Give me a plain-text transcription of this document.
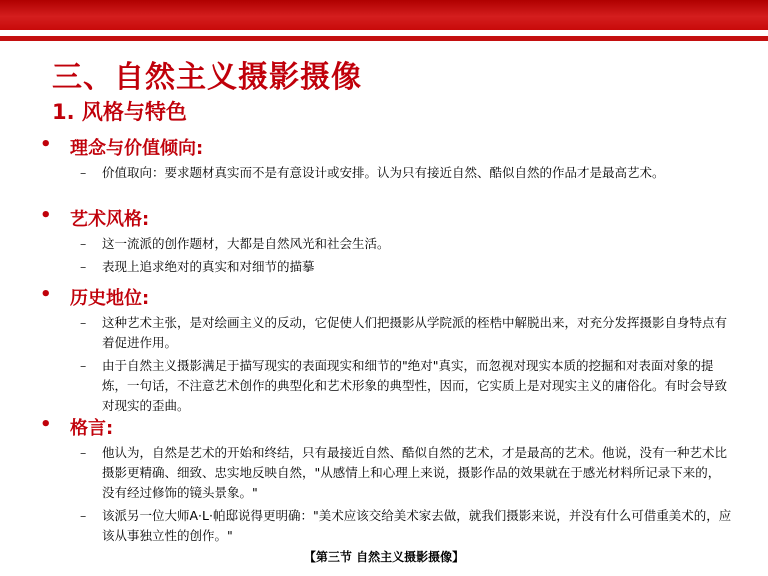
三、自然主义摄影摄像
1. 风格与特色
• 理念与价值倾向:
– 价值取向：要求题材真实而不是有意设计或安排。认为只有接近自然、酷似自然的作品才是最高艺术。
• 艺术风格:
– 这一流派的创作题材，大都是自然风光和社会生活。
– 表现上追求绝对的真实和对细节的描摹
• 历史地位:
– 这种艺术主张，是对绘画主义的反动，它促使人们把摄影从学院派的桎梏中解脱出来，对充分发挥摄影自身特点有着促进作用。
– 由于自然主义摄影满足于描写现实的表面现实和细节的"绝对"真实，而忽视对现实本质的挖掘和对表面对象的提炼，一句话，不注意艺术创作的典型化和艺术形象的典型性，因而，它实质上是对现实主义的庸俗化。有时会导致对现实的歪曲。
• 格言:
– 他认为，自然是艺术的开始和终结，只有最接近自然、酷似自然的艺术，才是最高的艺术。他说，没有一种艺术比摄影更精确、细致、忠实地反映自然，"从感情上和心理上来说，摄影作品的效果就在于感光材料所记录下来的，没有经过修饰的镜头景象。"
– 该派另一位大师A·L·帕邸说得更明确："美术应该交给美术家去做，就我们摄影来说，并没有什么可借重美术的，应该从事独立性的创作。"
【第三节 自然主义摄影摄像】
